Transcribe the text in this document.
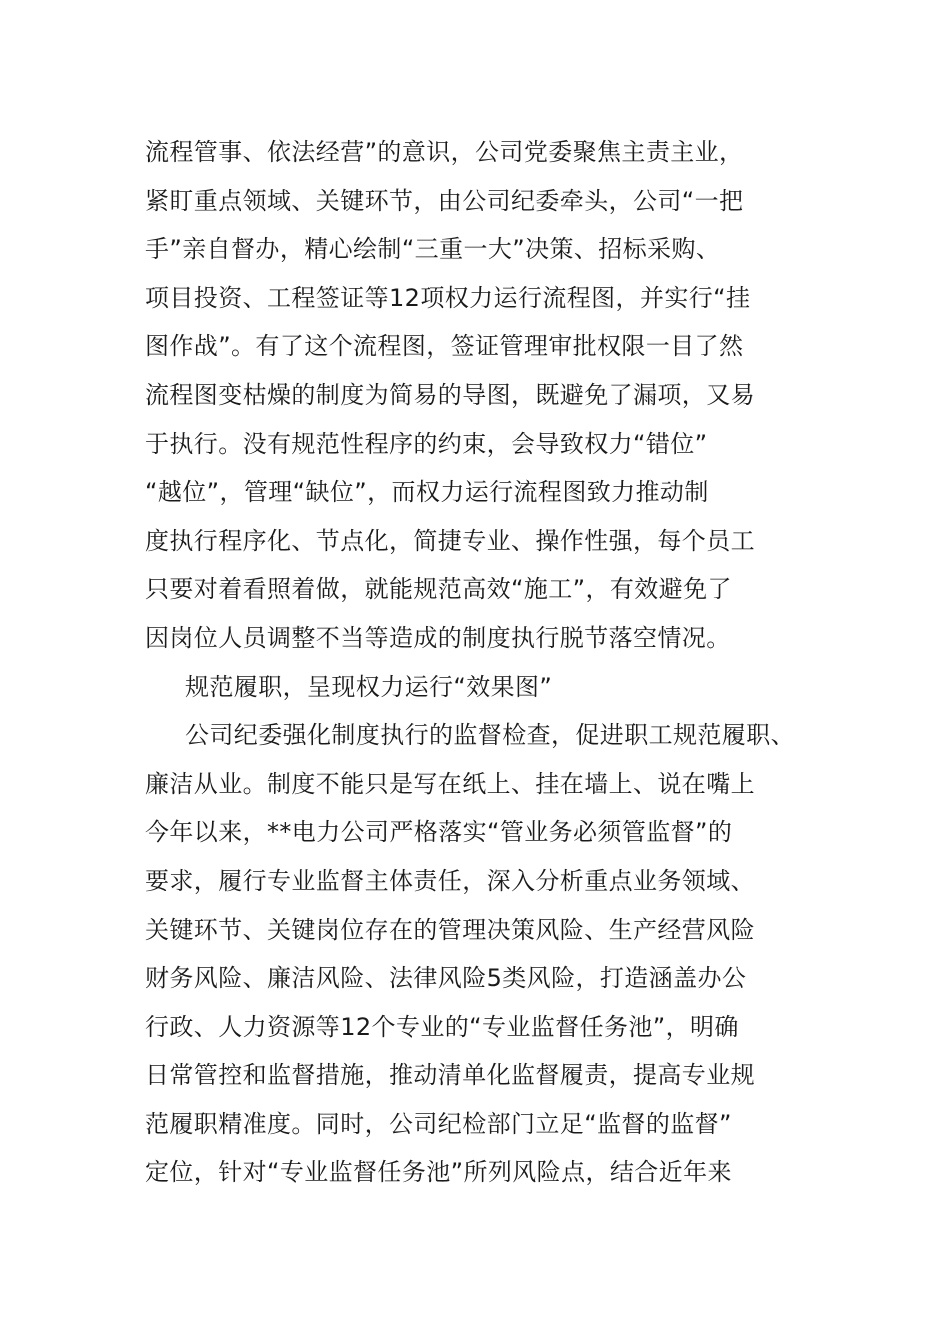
流程管事、依法经营”的意识，公司党委聚焦主责主业，
紧盯重点领域、关键环节，由公司纪委牵头，公司“一把
手”亲自督办，精心绘制“三重一大”决策、招标采购、
项目投资、工程签证等12项权力运行流程图，并实行“挂
图作战”。有了这个流程图，签证管理审批权限一目了然
流程图变枯燥的制度为简易的导图，既避免了漏项，又易
于执行。没有规范性程序的约束，会导致权力“错位”
“越位”，管理“缺位”，而权力运行流程图致力推动制
度执行程序化、节点化，简捷专业、操作性强，每个员工
只要对着看照着做，就能规范高效“施工”，有效避免了
因岗位人员调整不当等造成的制度执行脱节落空情况。
规范履职，呈现权力运行“效果图”
公司纪委强化制度执行的监督检查，促进职工规范履职、
廉洁从业。制度不能只是写在纸上、挂在墙上、说在嘴上
今年以来，**电力公司严格落实“管业务必须管监督”的
要求，履行专业监督主体责任，深入分析重点业务领域、
关键环节、关键岗位存在的管理决策风险、生产经营风险
财务风险、廉洁风险、法律风险5类风险，打造涵盖办公
行政、人力资源等12个专业的“专业监督任务池”，明确
日常管控和监督措施，推动清单化监督履责，提高专业规
范履职精准度。同时，公司纪检部门立足“监督的监督”
定位，针对“专业监督任务池”所列风险点，结合近年来
